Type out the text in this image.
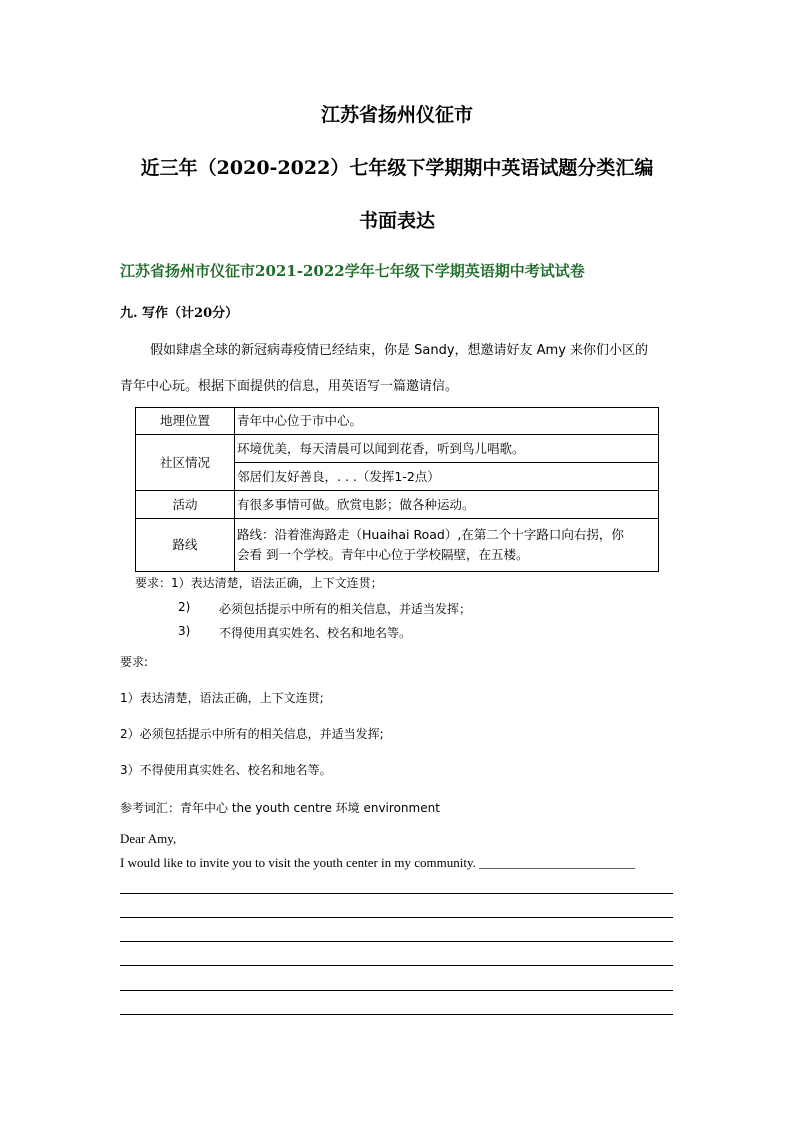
江苏省扬州仪征市
近三年（2020-2022）七年级下学期期中英语试题分类汇编
书面表达
江苏省扬州市仪征市2021-2022学年七年级下学期英语期中考试试卷
九. 写作（计20分）
假如肆虐全球的新冠病毒疫情已经结束，你是 Sandy，想邀请好友 Amy 来你们小区的
青年中心玩。根据下面提供的信息，用英语写一篇邀请信。
地理位置	青年中心位于市中心。
社区情况	环境优美，每天清晨可以闻到花香，听到鸟儿唱歌。
	邻居们友好善良，. . .（发挥1-2点）
活动	有很多事情可做。欣赏电影；做各种运动。
路线	路线：沿着淮海路走（Huaihai Road）,在第二个十字路口向右拐，你
会看 到一个学校。青年中心位于学校隔壁，在五楼。
要求：1）表达清楚，语法正确，上下文连贯；
2) 必须包括提示中所有的相关信息，并适当发挥；
3) 不得使用真实姓名、校名和地名等。
要求:
1）表达清楚，语法正确，上下文连贯;
2）必须包括提示中所有的相关信息，并适当发挥;
3）不得使用真实姓名、校名和地名等。
参考词汇：青年中心 the youth centre 环境 environment
Dear Amy,
I would like to invite you to visit the youth center in my community. ________________________
